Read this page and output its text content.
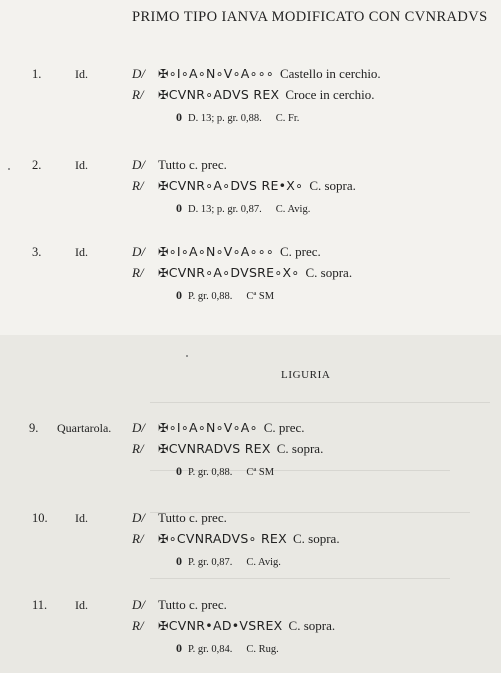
PRIMO TIPO IANVA MODIFICATO CON CVNRADVS
LIGURIA
1.	Id.	D/ ✠∘I∘A∘N∘V∘A∘∘∘ Castello in cerchio.
R/ ✠CVNR∘ADVS REX Croce in cerchio.
0 D. 13; p. gr. 0,88. C. Fr.
2.	Id.	D/ Tutto c. prec.
R/ ✠CVNR∘A∘DVS RE•X∘ C. sopra.
0 D. 13; p. gr. 0,87. C. Avig.
3.	Id.	D/ ✠∘I∘A∘N∘V∘A∘∘∘ C. prec.
R/ ✠CVNR∘A∘DVSRE∘X∘ C. sopra.
0 P. gr. 0,88. Cª SM
9. Quartarola. D/ ✠∘I∘A∘N∘V∘A∘ C. prec.
R/ ✠CVNRADVS REX C. sopra.
0 P. gr. 0,88. Cª SM
10. Id.	D/ Tutto c. prec.
R/ ✠∘CVNRADVS∘ REX C. sopra.
0 P. gr. 0,87. C. Avig.
11. Id.	D/ Tutto c. prec.
R/ ✠CVNR•AD•VSREX C. sopra.
0 P. gr. 0,84. C. Rug.
